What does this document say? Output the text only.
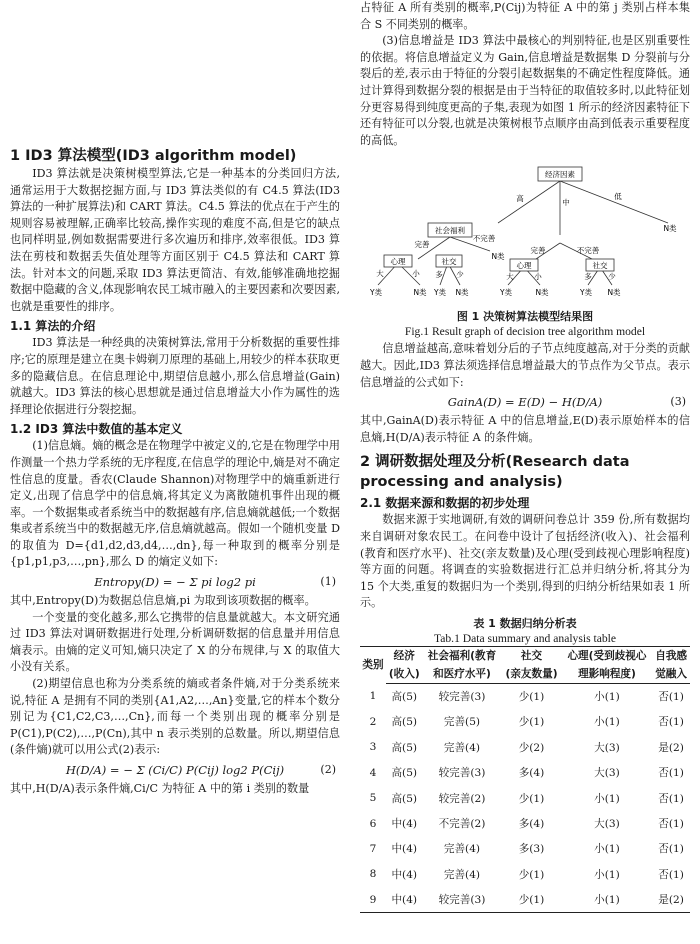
1 ID3 算法模型(ID3 algorithm model)

ID3 算法就是决策树模型算法,它是一种基本的分类回归方法,通常运用于大数据挖掘方面,与 ID3 算法类似的有 C4.5 算法(ID3 算法的一种扩展算法)和 CART 算法。C4.5 算法的优点在于产生的规则容易被理解,正确率比较高,操作实现的难度不高,但是它的缺点也同样明显,例如数据需要进行多次遍历和排序,效率很低。ID3 算法在剪枝和数据丢失值处理等方面区别于 C4.5 算法和 CART 算法。针对本文的问题,采取 ID3 算法更简洁、有效,能够准确地挖掘数据中隐藏的含义,体现影响农民工城市融入的主要因素和次要因素,也就是重要性的排序。

1.1 算法的介绍

ID3 算法是一种经典的决策树算法,常用于分析数据的重要性排序;它的原理是建立在奥卡姆剃刀原理的基础上,用较少的样本获取更多的隐藏信息。在信息理论中,期望信息越小,那么信息增益(Gain)就越大。ID3 算法的核心思想就是通过信息增益大小作为属性的选择理论依据进行分裂挖掘。

1.2 ID3 算法中数值的基本定义

(1)信息熵。熵的概念是在物理学中被定义的,它是在物理学中用作测量一个热力学系统的无序程度,在信息学的理论中,熵是对不确定性信息的度量。香农(Claude Shannon)对物理学中的熵重新进行定义,出现了信息学中的信息熵,将其定义为离散随机事件出现的概率。一个数据集或者系统当中的数据越有序,信息熵就越低;一个数据集或者系统当中的数据越无序,信息熵就越高。假如一个随机变量 D 的取值为 D={d1,d2,d3,d4,…,dn},每一种取到的概率分别是{p1,p1,p3,…,pn},那么 D 的熵定义如下:

Entropy(D) = − Σ pi log2 pi	(1)

其中,Entropy(D)为数据总信息熵,pi 为取到该项数据的概率。

一个变量的变化越多,那么它携带的信息量就越大。本文研究通过 ID3 算法对调研数据进行处理,分析调研数据的信息量并用信息熵表示。由熵的定义可知,熵只决定了 X 的分布规律,与 X 的取值大小没有关系。

(2)期望信息也称为分类系统的熵或者条件熵,对于分类系统来说,特征 A 是拥有不同的类别{A1,A2,…,An}变量,它的样本个数分别记为{C1,C2,C3,…,Cn},而每一个类别出现的概率分别是 P(C1),P(C2),…,P(Cn),其中 n 表示类别的总数量。所以,期望信息(条件熵)就可以用公式(2)表示:

H(D/A) = − Σ (Ci/C) P(Cij) log2 P(Cij)	(2)

其中,H(D/A)表示条件熵,Ci/C 为特征 A 中的第 i 类别的数量

占特征 A 所有类别的概率,P(Cij)为特征 A 中的第 j 类别占样本集合 S 不同类别的概率。

(3)信息增益是 ID3 算法中最核心的判别特征,也是区别重要性的依据。将信息增益定义为 Gain,信息增益是数据集 D 分裂前与分裂后的差,表示由于特征的分裂引起数据集的不确定性程度降低。通过计算得到数据分裂的根据是由于当特征的取值较多时,以此特征划分更容易得到纯度更高的子集,表现为如图 1 所示的经济因素特征下还有特征可以分裂,也就是决策树根节点顺序由高到低表示重要程度的高低。

经济因素
高	中
低
N类
社会福利
完善
不完善
N类
心理
大	小
社交
多 少
完善	不完善
心理
大	小
社交
多 少
Y类	N类 Y类 N类	Y类	N类	Y类 N类
图 1 决策树算法模型结果图
Fig.1 Result graph of decision tree algorithm model

信息增益越高,意味着划分后的子节点纯度越高,对于分类的贡献越大。因此,ID3 算法须选择信息增益最大的节点作为父节点。表示信息增益的公式如下:

GainA(D) = E(D) − H(D/A)	(3)

其中,GainA(D)表示特征 A 中的信息增益,E(D)表示原始样本的信息熵,H(D/A)表示特征 A 的条件熵。

2 调研数据处理及分析(Research data processing and analysis)
2.1 数据来源和数据的初步处理

数据来源于实地调研,有效的调研问卷总计 359 份,所有数据均来自调研对象农民工。在问卷中设计了包括经济(收入)、社会福利(教育和医疗水平)、社交(亲友数量)及心理(受到歧视心理影响程度)等方面的问题。将调查的实验数据进行汇总并归纳分析,将其分为 15 个大类,重复的数据归为一个类别,得到的归纳分析结果如表 1 所示。

表 1 数据归纳分析表
Tab.1 Data summary and analysis table
类别	经济	社会福利(教育	社交	心理(受到歧视心	自我感
	(收入)	和医疗水平)	(亲友数量)	理影响程度)	觉融入
1	高(5)	较完善(3)	少(1)	小(1)	否(1)
2	高(5)	完善(5)	少(1)	小(1)	否(1)
3	高(5)	完善(4)	少(2)	大(3)	是(2)
4	高(5)	较完善(3)	多(4)	大(3)	否(1)
5	高(5)	较完善(2)	少(1)	小(1)	否(1)
6	中(4)	不完善(2)	多(4)	大(3)	否(1)
7	中(4)	完善(4)	多(3)	小(1)	否(1)
8	中(4)	完善(4)	少(1)	小(1)	否(1)
9	中(4)	较完善(3)	少(1)	小(1)	是(2)
